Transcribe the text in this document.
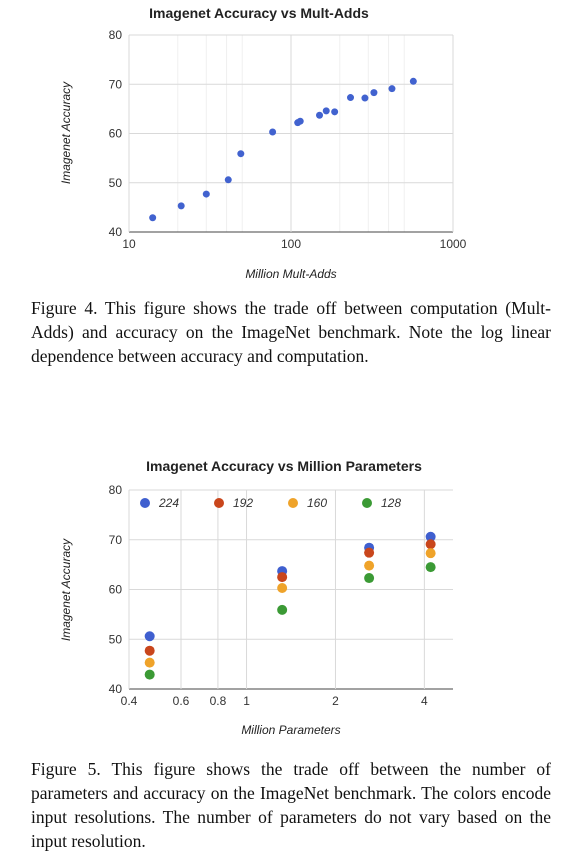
Imagenet Accuracy vs Mult-Adds
40
50
60
70
80
10	100	1000
Million Mult-Adds
Imagenet Accuracy

Figure 4. This figure shows the trade off between computation (Mult-Adds) and accuracy on the ImageNet benchmark. Note the log linear dependence between accuracy and computation.

Imagenet Accuracy vs Million Parameters
224	192	160	128
40
50
60
70
80
0.4	0.6 0.8 1	2	4
Million Parameters
Imagenet Accuracy

Figure 5. This figure shows the trade off between the number of parameters and accuracy on the ImageNet benchmark. The colors encode input resolutions. The number of parameters do not vary based on the input resolution.
